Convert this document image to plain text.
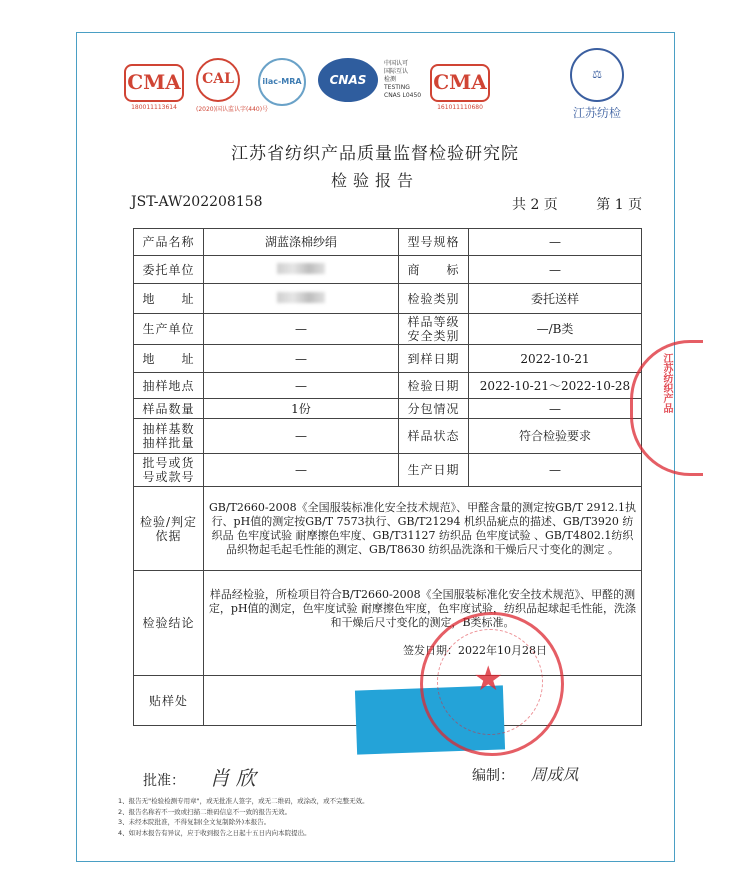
CMA
180011113614
CAL
(2020)国认监认字(440)号
ilac-MRA	CNAS
中国认可
国际互认
检测
TESTING
CNAS L0450
CMA
161011110680
⚖
江苏纺检
江苏省纺织产品质量监督检验研究院
检验报告
JST-AW202208158	共 2 页	第 1 页
产品名称	湖蓝涤棉纱绢	型号规格	—
委托单位		商　　标	—
地　　址		检验类别	委托送样
生产单位	—	样品等级安全类别	—/B类
地　　址	—	到样日期	2022-10-21
抽样地点	—	检验日期	2022-10-21～2022-10-28
样品数量	1份	分包情况	—
抽样基数抽样批量	—	样品状态	符合检验要求
批号或货号或款号	—	生产日期	—
检验/判定依据	GB/T2660-2008《全国服装标准化安全技术规范》、甲醛含量的测定按GB/T 2912.1执行、pH值的测定按GB/T 7573执行、GB/T21294 机织品疵点的描述、GB/T3920 纺织品 色牢度试验 耐摩擦色牢度、GB/T31127 纺织品 色牢度试验 、GB/T4802.1纺织品织物起毛起毛性能的测定、GB/T8630 纺织品洗涤和干燥后尺寸变化的测定 。		
检验结论	样品经检验，所检项目符合B/T2660-2008《全国服装标准化安全技术规范》、甲醛的测定，pH值的测定，色牢度试验 耐摩擦色牢度，色牢度试验，纺织品起球起毛性能，洗涤和干燥后尺寸变化的测定，B类标准。
签发日期：2022年10月28日		

贴样处			
★
江苏纺织产品
批准： 肖 欣	编制： 周成凤
1、报告无"检验检测专用章"，或无批准人签字，或无二维码，或涂改，或不完整无效。
2、报告名称若不一致或扫描二维码信息不一致的报告无效。
3、未经本院批准，不得复制(全文复制除外)本报告。
4、如对本报告有异议，应于收到报告之日起十五日内向本院提出。
